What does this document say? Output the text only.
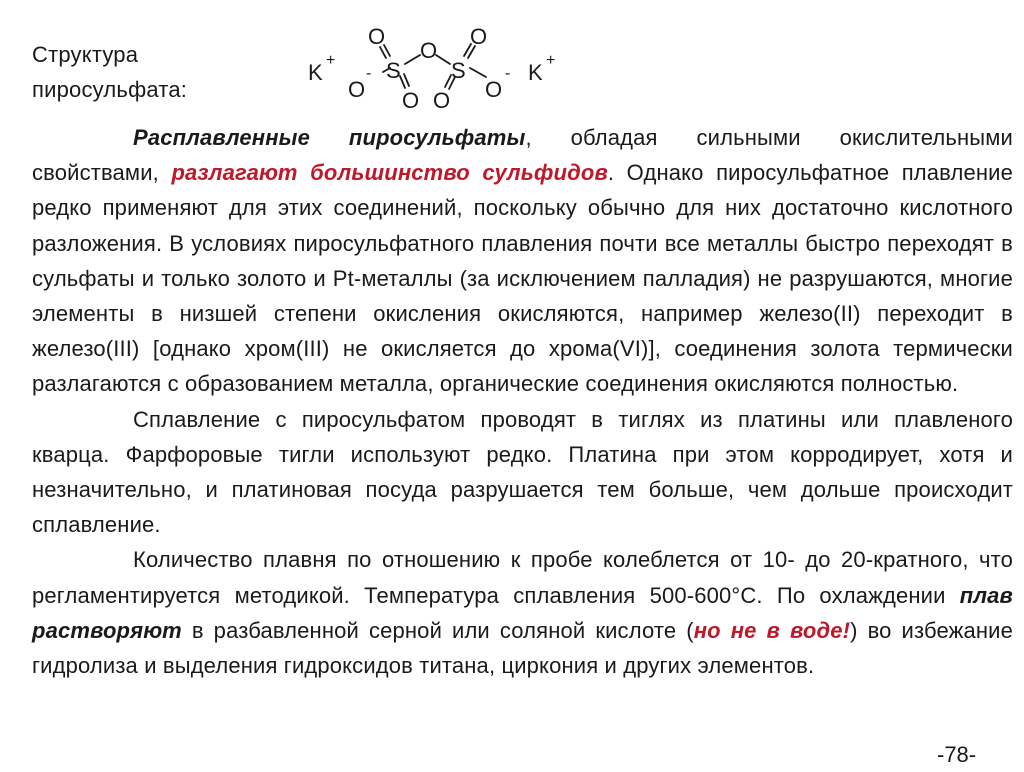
Структура
пиросульфата:
K +
O
- S
O
O
O
S
O
O O
- K +

Расплавленные пиросульфаты, обладая сильными окислительными свойствами, разлагают большинство сульфидов. Однако пиросульфатное плавление редко применяют для этих соединений, поскольку обычно для них достаточно кислотного разложения. В условиях пиросульфатного плавления почти все металлы быстро переходят в сульфаты и только золото и Pt-металлы (за исключением палладия) не разрушаются, многие элементы в низшей степени окисления окисляются, например железо(II) переходит в железо(III) [однако хром(III) не окисляется до хрома(VI)], соединения золота термически разлагаются с образованием металла, органические соединения окисляются полностью.

Сплавление с пиросульфатом проводят в тиглях из платины или плавленого кварца. Фарфоровые тигли используют редко. Платина при этом корродирует, хотя и незначительно, и платиновая посуда разрушается тем больше, чем дольше происходит сплавление.

Количество плавня по отношению к пробе колеблется от 10- до 20-кратного, что регламентируется методикой. Температура сплавления 500-600°С. По охлаждении плав растворяют в разбавленной серной или соляной кислоте (но не в воде!) во избежание гидролиза и выделения гидроксидов титана, циркония и других элементов.

-78-
